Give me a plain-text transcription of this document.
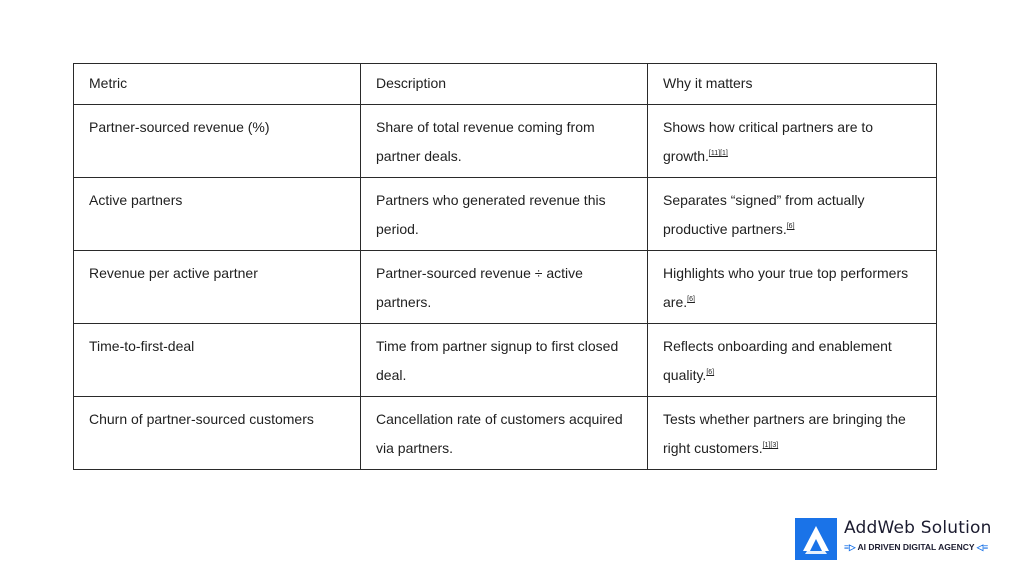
Metric	Description	Why it matters
Partner-sourced revenue (%)	Share of total revenue coming from partner deals.	Shows how critical partners are to growth.[11][1]
Active partners	Partners who generated revenue this period.	Separates “signed” from actually productive partners.[6]
Revenue per active partner	Partner-sourced revenue ÷ active partners.	Highlights who your true top performers are.[6]
Time-to-first-deal	Time from partner signup to first closed deal.	Reflects onboarding and enablement quality.[6]
Churn of partner-sourced customers	Cancellation rate of customers acquired via partners.	Tests whether partners are bringing the right customers.[1][3]
AddWeb Solution
≡▷ AI DRIVEN DIGITAL AGENCY ◁≡
